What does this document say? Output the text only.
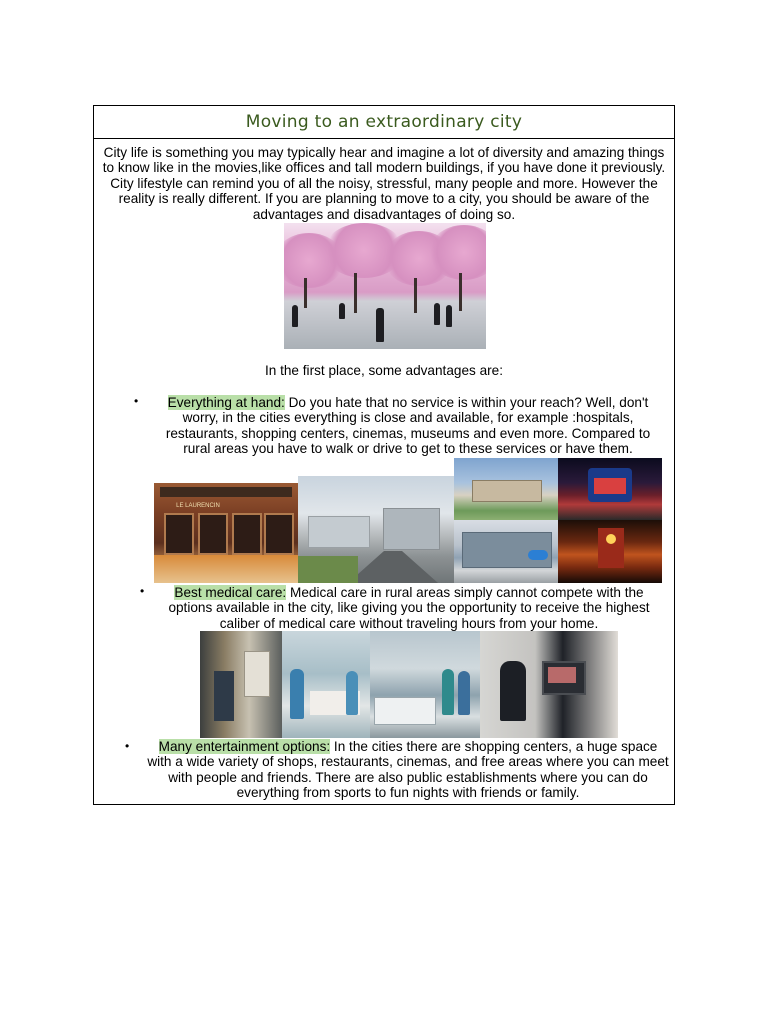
Moving to an extraordinary city
City life is something you may typically hear and imagine a lot of diversity and amazing things to know like in the movies,like offices and tall modern buildings, if you have done it previously. City lifestyle can remind you of all the noisy, stressful, many people and more. However the reality is really different. If you are planning to move to a city, you should be aware of the advantages and disadvantages of doing so.
In the first place, some advantages are:
•	Everything at hand: Do you hate that no service is within your reach? Well, don't worry, in the cities everything is close and available, for example :hospitals, restaurants, shopping centers, cinemas, museums and even more. Compared to rural areas you have to walk or drive to get to these services or have them.
LE LAURENCIN
•	Best medical care: Medical care in rural areas simply cannot compete with the options available in the city, like giving you the opportunity to receive the highest caliber of medical care without traveling hours from your home.
•	Many entertainment options: In the cities there are shopping centers, a huge space with a wide variety of shops, restaurants, cinemas, and free areas where you can meet with people and friends. There are also public establishments where you can do everything from sports to fun nights with friends or family.
